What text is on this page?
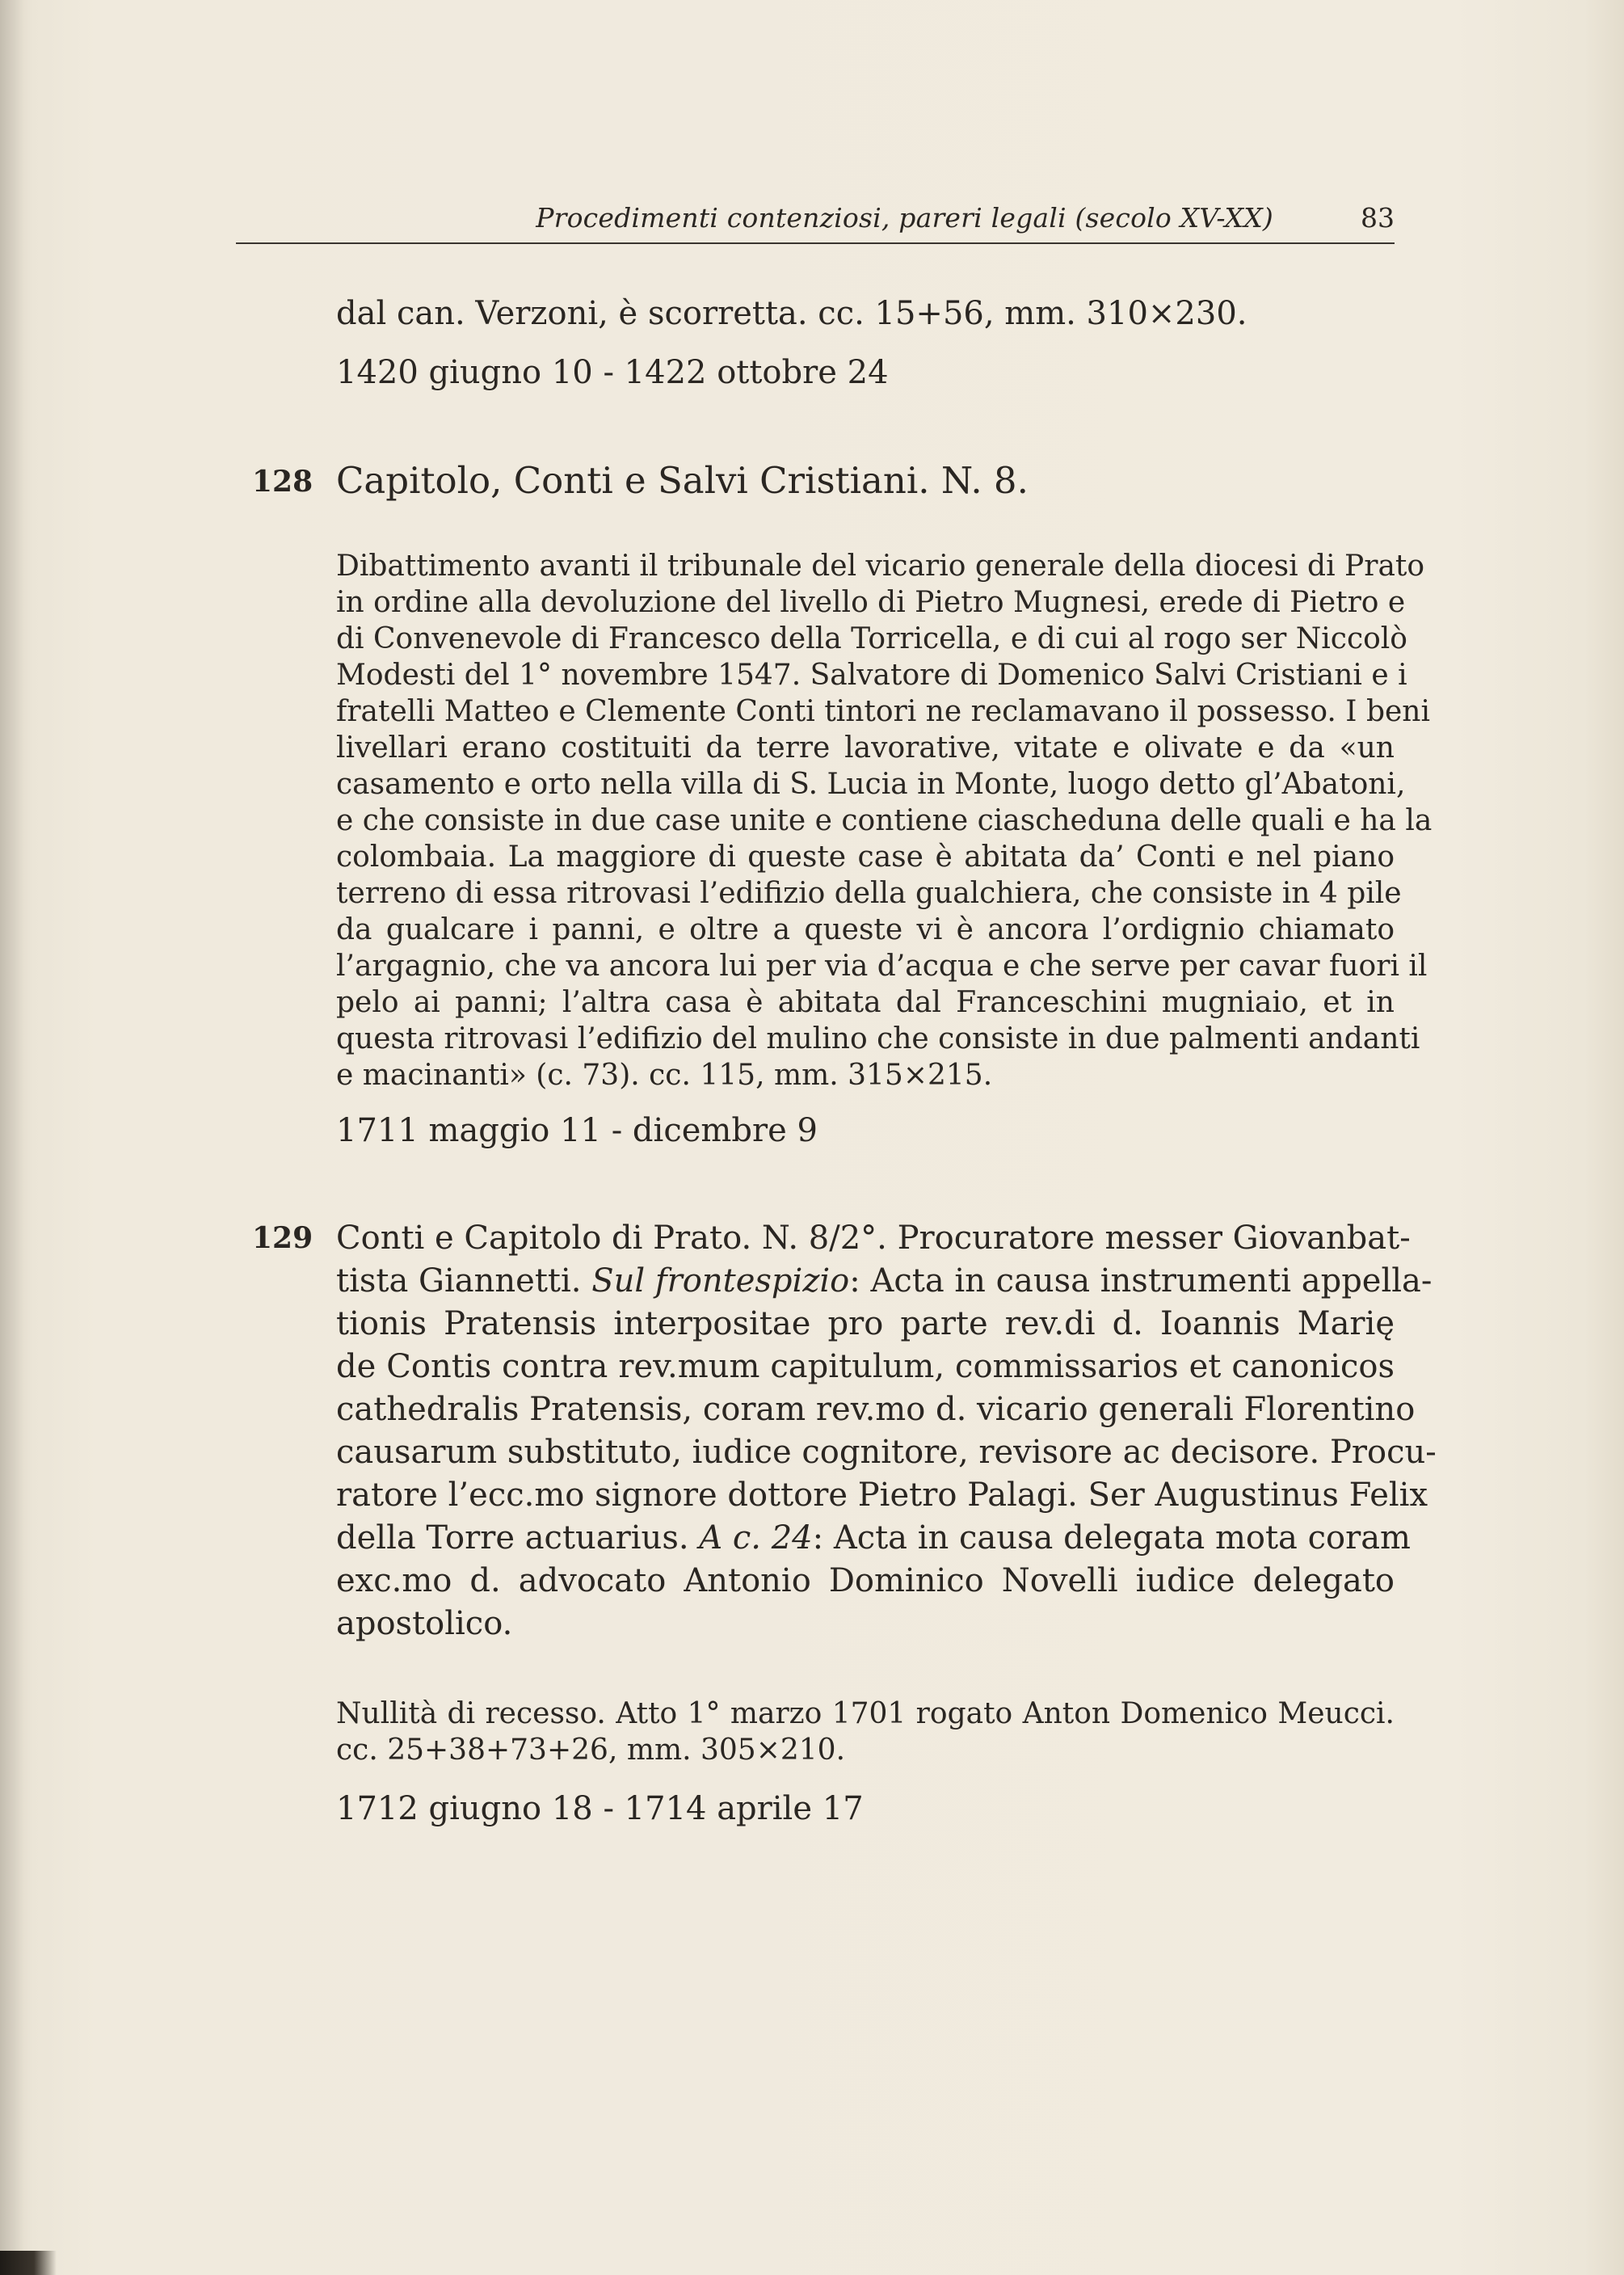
Procedimenti contenziosi, pareri legali (secolo XV-XX)	83
dal can. Verzoni, è scorretta. cc. 15+56, mm. 310×230.
1420 giugno 10 - 1422 ottobre 24
128 Capitolo, Conti e Salvi Cristiani. N. 8.
Dibattimento avanti il tribunale del vicario generale della diocesi di Prato
in ordine alla devoluzione del livello di Pietro Mugnesi, erede di Pietro e
di Convenevole di Francesco della Torricella, e di cui al rogo ser Niccolò
Modesti del 1° novembre 1547. Salvatore di Domenico Salvi Cristiani e i
fratelli Matteo e Clemente Conti tintori ne reclamavano il possesso. I beni
livellari erano costituiti da terre lavorative, vitate e olivate e da «un
casamento e orto nella villa di S. Lucia in Monte, luogo detto gl’Abatoni,
e che consiste in due case unite e contiene ciascheduna delle quali e ha la
colombaia. La maggiore di queste case è abitata da’ Conti e nel piano
terreno di essa ritrovasi l’edifizio della gualchiera, che consiste in 4 pile
da gualcare i panni, e oltre a queste vi è ancora l’ordignio chiamato
l’argagnio, che va ancora lui per via d’acqua e che serve per cavar fuori il
pelo ai panni; l’altra casa è abitata dal Franceschini mugniaio, et in
questa ritrovasi l’edifizio del mulino che consiste in due palmenti andanti
e macinanti» (c. 73). cc. 115, mm. 315×215.
1711 maggio 11 - dicembre 9
129 Conti e Capitolo di Prato. N. 8/2°. Procuratore messer Giovanbat-
tista Giannetti. Sul frontespizio: Acta in causa instrumenti appella-
tionis Pratensis interpositae pro parte rev.di d. Ioannis Marię
de Contis contra rev.mum capitulum, commissarios et canonicos
cathedralis Pratensis, coram rev.mo d. vicario generali Florentino
causarum substituto, iudice cognitore, revisore ac decisore. Procu-
ratore l’ecc.mo signore dottore Pietro Palagi. Ser Augustinus Felix
della Torre actuarius. A c. 24: Acta in causa delegata mota coram
exc.mo d. advocato Antonio Dominico Novelli iudice delegato
apostolico.
Nullità di recesso. Atto 1° marzo 1701 rogato Anton Domenico Meucci.
cc. 25+38+73+26, mm. 305×210.
1712 giugno 18 - 1714 aprile 17
